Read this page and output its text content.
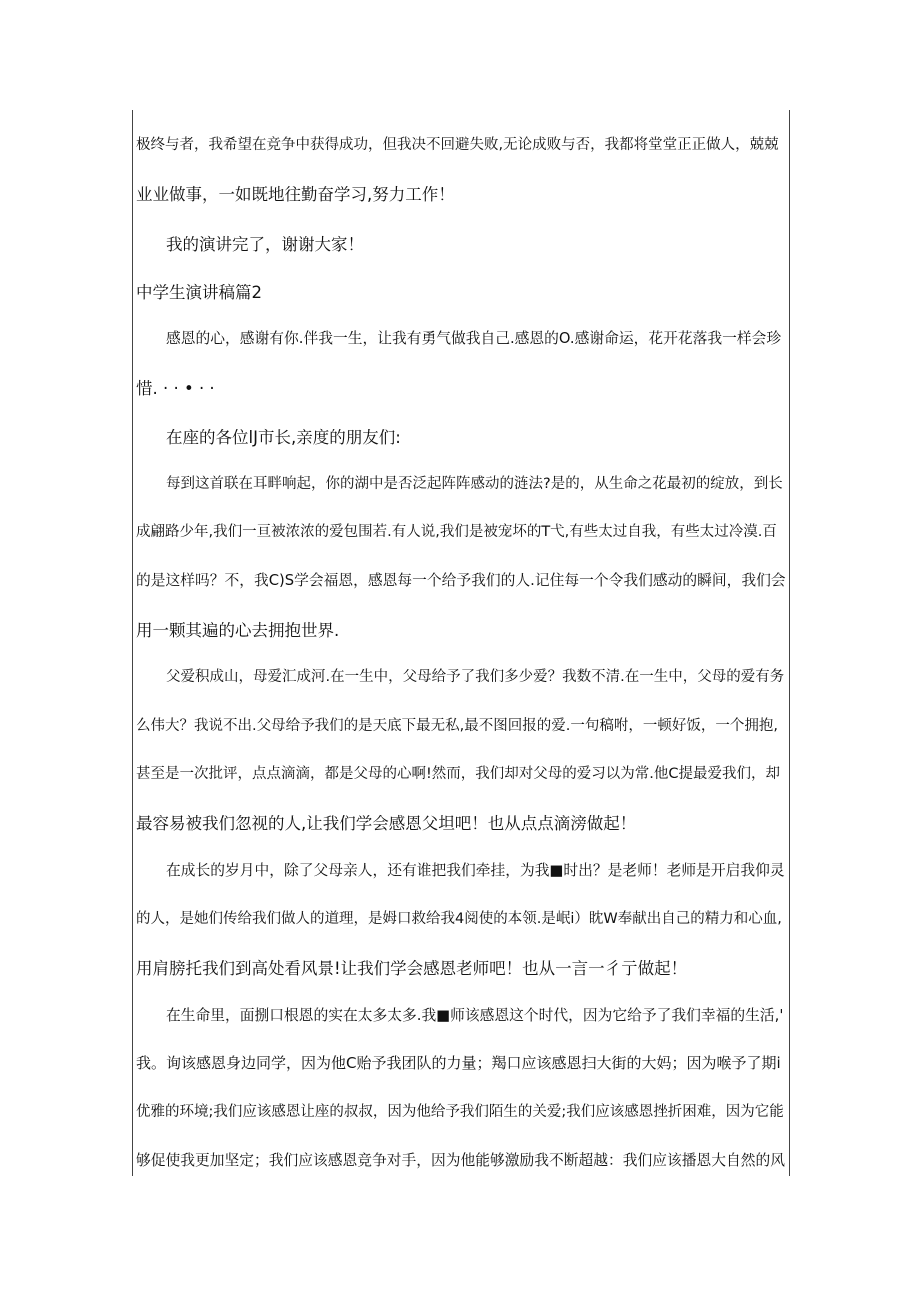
极终与者，我希望在竞争中获得成功，但我决不回避失败,无论成败与否，我都将堂堂正正做人，兢兢
业业做事，一如既地往勤奋学习,努力工作！
我的演讲完了，谢谢大家！
中学生演讲稿篇2
感恩的心，感谢有你.伴我一生，让我有勇气做我自己.感恩的O.感谢命运，花开花落我一样会珍
惜. · · • · ·
在座的各位lJ市长,亲度的朋友们:
每到这首联在耳畔响起，你的湖中是否泛起阵阵感动的涟法?是的，从生命之花最初的绽放，到长
成翩路少年,我们一亘被浓浓的爱包围若.有人说,我们是被宠坏的T弋,有些太过自我，有些太过冷漠.百
的是这样吗？不，我C)S学会福恩，感恩每一个给予我们的人.记住每一个令我们感动的瞬间，我们会
用一颗其遍的心去拥抱世界.
父爱积成山，母爱汇成河.在一生中，父母给予了我们多少爱？我数不清.在一生中，父母的爱有务
么伟大？我说不出.父母给予我们的是天底下最无私,最不图回报的爱.一句稿咐，一顿好饭，一个拥抱,
甚至是一次批评，点点滴滴，都是父母的心啊!然而，我们却对父母的爱习以为常.他C提最爱我们，却
最容易被我们忽视的人,让我们学会感恩父坦吧！也从点点滴滂做起！
在成长的岁月中，除了父母亲人，还有谁把我们牵挂，为我■时出？是老师！老师是开启我仰灵
的人，是她们传给我们做人的道理，是姆口救给我4阅使的本领.是岷i）眈W奉献出自己的精力和心血,
用肩膀托我们到高处看风景!让我们学会感恩老师吧！也从一言一彳亍做起！
在生命里，面捌口根恩的实在太多太多.我■师该感恩这个时代，因为它给予了我们幸福的生活,'
我。询该感恩身边同学，因为他C贻予我团队的力量；羯口应该感恩扫大街的大妈；因为喉予了期i
优雅的环境;我们应该感恩让座的叔叔，因为他给予我们陌生的关爱;我们应该感恩挫折困难，因为它能
够促使我更加坚定；我们应该感恩竞争对手，因为他能够激励我不断超越：我们应该播恩大自然的风
